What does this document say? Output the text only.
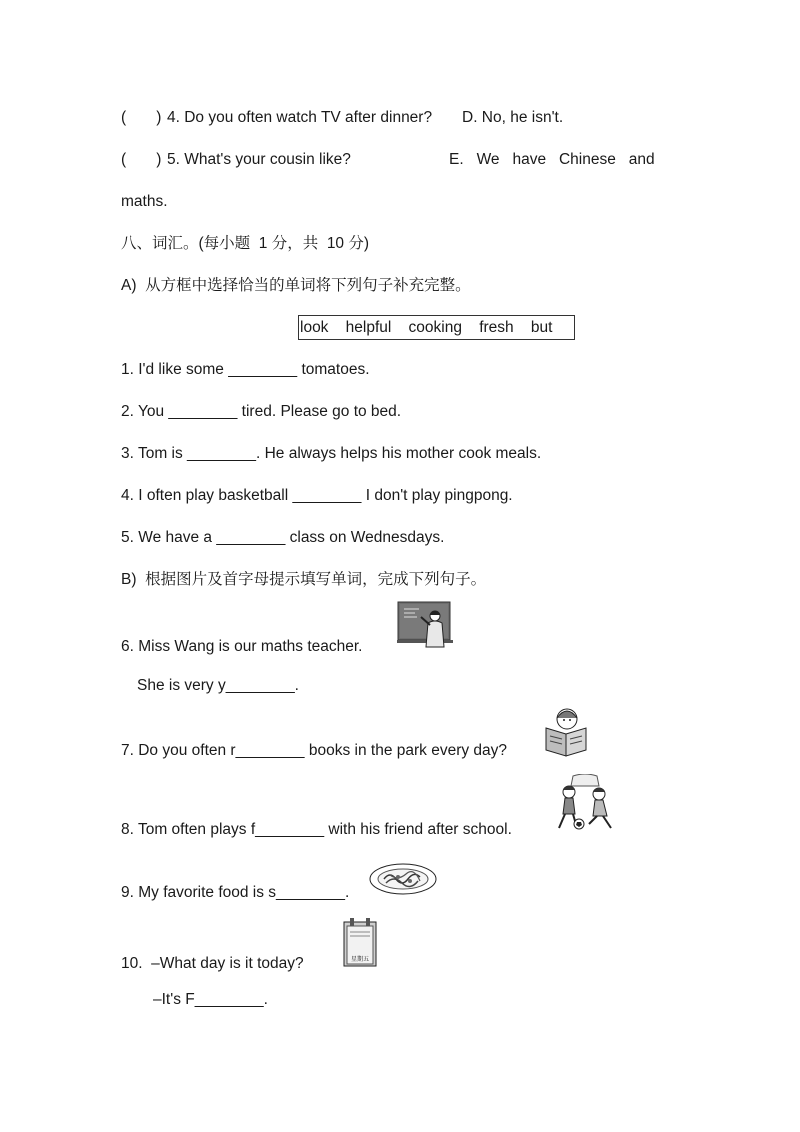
(       ) 4. Do you often watch TV after dinner? D. No, he isn't.
(       ) 5. What's your cousin like?	E.   We   have   Chinese   and
maths.
八、词汇。(每小题  1 分，共  10 分)
A)  从方框中选择恰当的单词将下列句子补充完整。
look    helpful    cooking    fresh    but
1. I'd like some ________ tomatoes.
2. You ________ tired. Please go to bed.
3. Tom is ________. He always helps his mother cook meals.
4. I often play basketball ________ I don't play pingpong.
5. We have a ________ class on Wednesdays.
B)  根据图片及首字母提示填写单词，完成下列句子。
6. Miss Wang is our maths teacher.
She is very y________.
7. Do you often r________ books in the park every day?
8. Tom often plays f________ with his friend after school.
9. My favorite food is s________.
10.  –What day is it today?
–It's F________.
星期五
